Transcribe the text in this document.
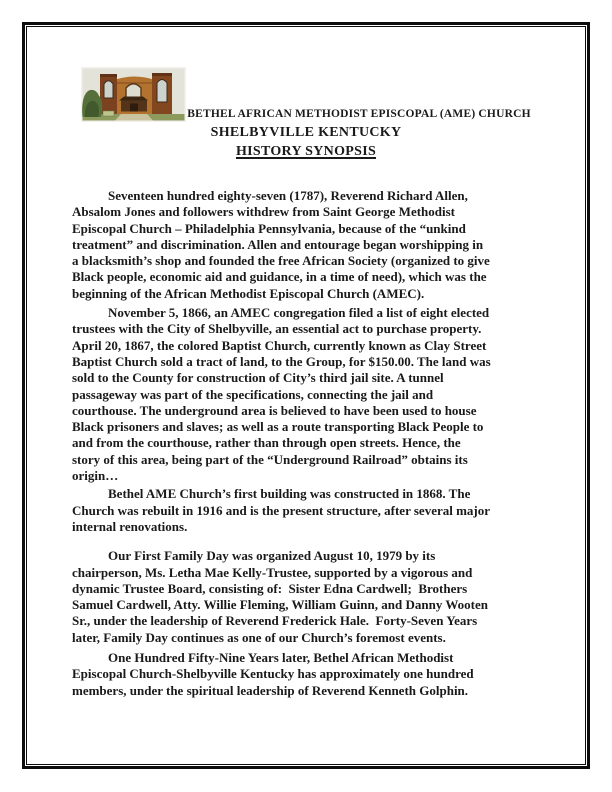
BETHEL AFRICAN METHODIST EPISCOPAL (AME) CHURCH
SHELBYVILLE KENTUCKY
HISTORY SYNOPSIS

Seventeen hundred eighty-seven (1787), Reverend Richard Allen,
Absalom Jones and followers withdrew from Saint George Methodist
Episcopal Church – Philadelphia Pennsylvania, because of the “unkind
treatment” and discrimination. Allen and entourage began worshipping in
a blacksmith’s shop and founded the free African Society (organized to give
Black people, economic aid and guidance, in a time of need), which was the
beginning of the African Methodist Episcopal Church (AMEC).

November 5, 1866, an AMEC congregation filed a list of eight elected
trustees with the City of Shelbyville, an essential act to purchase property.
April 20, 1867, the colored Baptist Church, currently known as Clay Street
Baptist Church sold a tract of land, to the Group, for $150.00. The land was
sold to the County for construction of City’s third jail site. A tunnel
passageway was part of the specifications, connecting the jail and
courthouse. The underground area is believed to have been used to house
Black prisoners and slaves; as well as a route transporting Black People to
and from the courthouse, rather than through open streets. Hence, the
story of this area, being part of the “Underground Railroad” obtains its
origin…

Bethel AME Church’s first building was constructed in 1868. The
Church was rebuilt in 1916 and is the present structure, after several major
internal renovations.

Our First Family Day was organized August 10, 1979 by its
chairperson, Ms. Letha Mae Kelly-Trustee, supported by a vigorous and
dynamic Trustee Board, consisting of:  Sister Edna Cardwell;  Brothers
Samuel Cardwell, Atty. Willie Fleming, William Guinn, and Danny Wooten
Sr., under the leadership of Reverend Frederick Hale.  Forty-Seven Years
later, Family Day continues as one of our Church’s foremost events.

One Hundred Fifty-Nine Years later, Bethel African Methodist
Episcopal Church-Shelbyville Kentucky has approximately one hundred
members, under the spiritual leadership of Reverend Kenneth Golphin.
